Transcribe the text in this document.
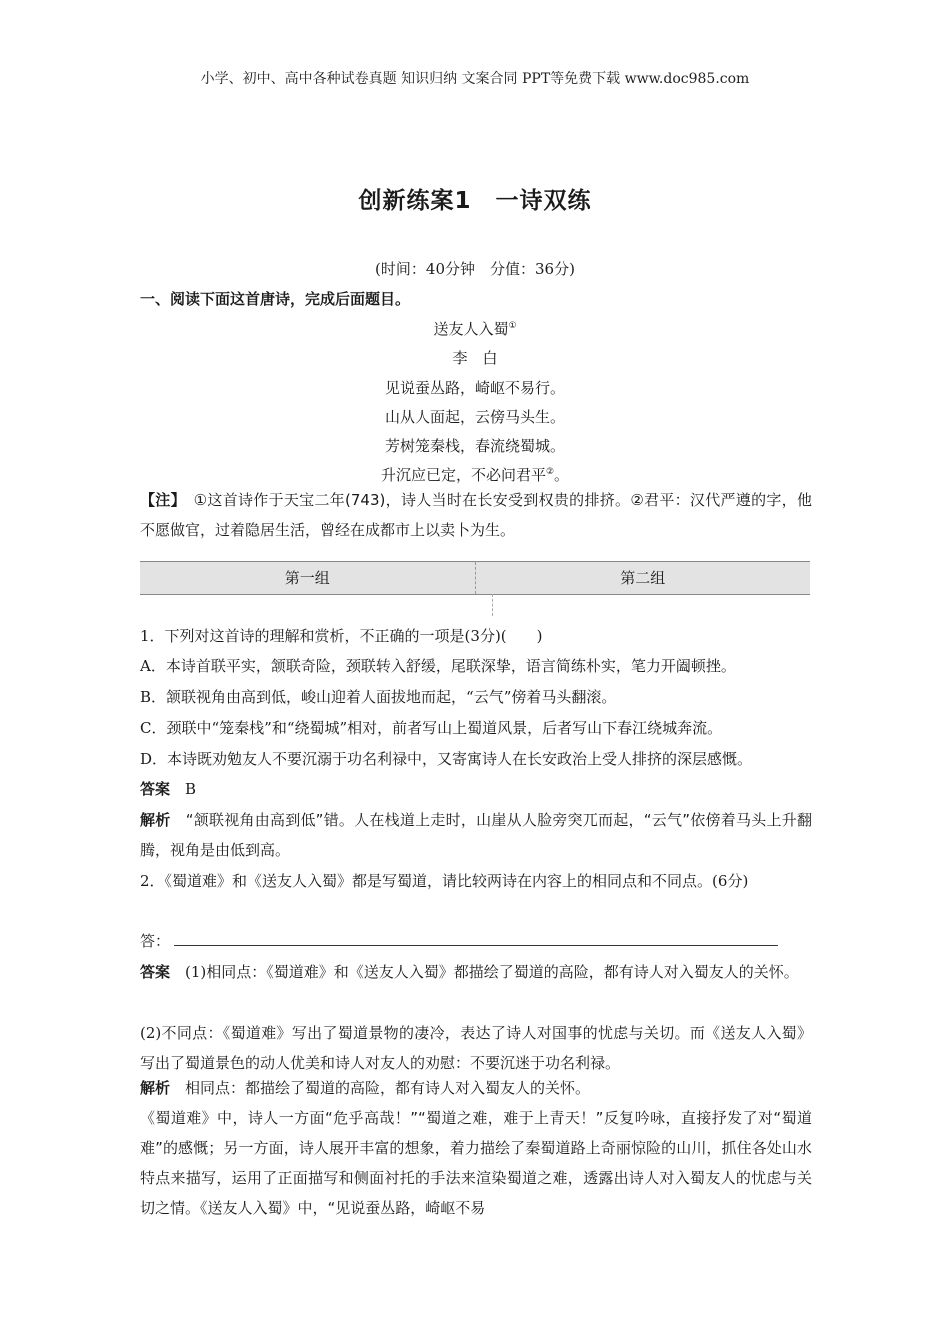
小学、初中、高中各种试卷真题 知识归纳 文案合同 PPT等免费下载 www.doc985.com
创新练案1　一诗双练
(时间：40分钟　分值：36分)
一、阅读下面这首唐诗，完成后面题目。
送友人入蜀①
李　白
见说蚕丛路，崎岖不易行。
山从人面起，云傍马头生。
芳树笼秦栈，春流绕蜀城。
升沉应已定，不必问君平②。

【注】　 ①这首诗作于天宝二年(743)，诗人当时在长安受到权贵的排挤。②君平：汉代严遵的字，他不愿做官，过着隐居生活，曾经在成都市上以卖卜为生。

第一组	第二组

1．下列对这首诗的理解和赏析，不正确的一项是(3分)(　　)

A．本诗首联平实，颔联奇险，颈联转入舒缓，尾联深挚，语言简练朴实，笔力开阖顿挫。

B．颔联视角由高到低，峻山迎着人面拔地而起，“云气”傍着马头翻滚。

C．颈联中“笼秦栈”和“绕蜀城”相对，前者写山上蜀道风景，后者写山下春江绕城奔流。

D．本诗既劝勉友人不要沉溺于功名利禄中，又寄寓诗人在长安政治上受人排挤的深层感慨。

答案　 B

解析　 “颔联视角由高到低”错。人在栈道上走时，山崖从人脸旁突兀而起，“云气”依傍着马头上升翻腾，视角是由低到高。

2．《蜀道难》和《送友人入蜀》都是写蜀道，请比较两诗在内容上的相同点和不同点。(6分)

答：

答案　 (1)相同点：《蜀道难》和《送友人入蜀》都描绘了蜀道的高险，都有诗人对入蜀友人的关怀。

(2)不同点：《蜀道难》写出了蜀道景物的凄冷，表达了诗人对国事的忧虑与关切。而《送友人入蜀》写出了蜀道景色的动人优美和诗人对友人的劝慰：不要沉迷于功名利禄。

解析　 相同点：都描绘了蜀道的高险，都有诗人对入蜀友人的关怀。

《蜀道难》中，诗人一方面“危乎高哉！”“蜀道之难，难于上青天！”反复吟咏，直接抒发了对“蜀道难”的感慨；另一方面，诗人展开丰富的想象，着力描绘了秦蜀道路上奇丽惊险的山川，抓住各处山水特点来描写，运用了正面描写和侧面衬托的手法来渲染蜀道之难，透露出诗人对入蜀友人的忧虑与关切之情。《送友人入蜀》中，“见说蚕丛路，崎岖不易
